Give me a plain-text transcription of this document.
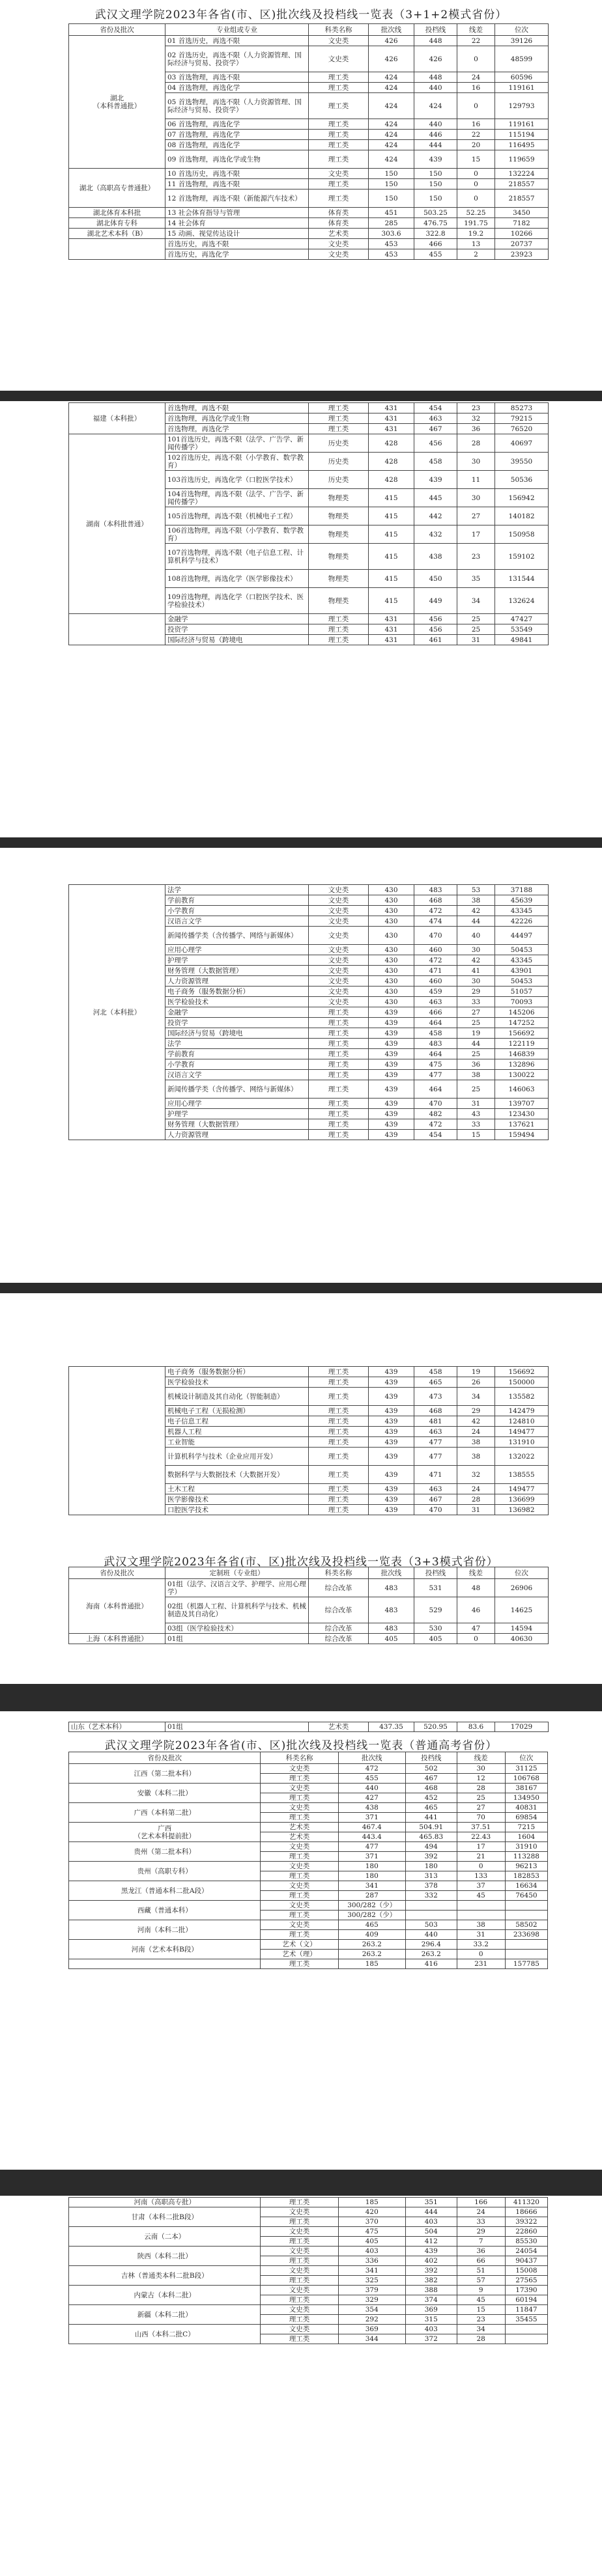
武汉文理学院2023年各省(市、区)批次线及投档线一览表（3+1+2模式省份）
省份及批次	专业组或专业	科类名称	批次线	投档线	线差	位次	
湖北
（本科普通批）	01 首选历史，再选不限	文史类	426	448	22	39126	
	02 首选历史，再选不限（人力资源管理、国际经济与贸易、投资学）	文史类	426	426	0	48599	
	03 首选物理，再选不限	理工类	424	448	24	60596	
	04 首选物理，再选化学	理工类	424	440	16	119161	
	05 首选物理，再选不限（人力资源管理、国际经济与贸易、投资学）	理工类	424	424	0	129793	
	06 首选物理，再选化学	理工类	424	440	16	119161	
	07 首选物理，再选化学	理工类	424	446	22	115194	
	08 首选物理，再选化学	理工类	424	444	20	116495	
	09 首选物理，再选化学或生物	理工类	424	439	15	119659	
湖北（高职高专普通批）	10 首选历史，再选不限	文史类	150	150	0	132224	
	11 首选物理，再选不限	理工类	150	150	0	218557	
	12 首选物理，再选不限（新能源汽车技术）	理工类	150	150	0	218557	
湖北体育本科批	13 社会体育指导与管理	体育类	451	503.25	52.25	3450	
湖北体育专科	14 社会体育	体育类	285	476.75	191.75	7182	
湖北艺术本科（B）	15 动画、视觉传达设计	艺术类	303.6	322.8	19.2	10266	
	首选历史，再选不限	文史类	453	466	13	20737	
	首选历史，再选化学	文史类	453	455	2	23923	
福建（本科批）	首选物理，再选不限	理工类	431	454	23	85273	
	首选物理，再选化学或生物	理工类	431	463	32	79215	
	首选物理，再选化学	理工类	431	467	36	76520	
湖南（本科批普通）	101首选历史，再选不限（法学、广告学、新闻传播学）	历史类	428	456	28	40697	
	102首选历史，再选不限（小学教育、数学教育）	历史类	428	458	30	39550	
	103首选历史，再选化学（口腔医学技术）	历史类	428	439	11	50536	
	104首选物理，再选不限（法学、广告学、新闻传播学）	物理类	415	445	30	156942	
	105首选物理，再选不限（机械电子工程）	物理类	415	442	27	140182	
	106首选物理，再选不限（小学教育、数学教育）	物理类	415	432	17	150958	
	107首选物理，再选不限（电子信息工程、计算机科学与技术）	物理类	415	438	23	159102	
	108首选物理，再选化学（医学影像技术）	物理类	415	450	35	131544	
	109首选物理，再选化学（口腔医学技术、医学检验技术）	物理类	415	449	34	132624	
	金融学	理工类	431	456	25	47427	
	投资学	理工类	431	456	25	53549	
	国际经济与贸易（跨境电	理工类	431	461	31	49841	
河北（本科批）	法学	文史类	430	483	53	37188	
	学前教育	文史类	430	468	38	45639	
	小学教育	文史类	430	472	42	43345	
	汉语言文学	文史类	430	474	44	42226	
	新闻传播学类（含传播学、网络与新媒体）	文史类	430	470	40	44497	
	应用心理学	文史类	430	460	30	50453	
	护理学	文史类	430	472	42	43345	
	财务管理（大数据管理）	文史类	430	471	41	43901	
	人力资源管理	文史类	430	460	30	50453	
	电子商务（服务数据分析）	文史类	430	459	29	51057	
	医学检验技术	文史类	430	463	33	70093	
	金融学	理工类	439	466	27	145206	
	投资学	理工类	439	464	25	147252	
	国际经济与贸易（跨境电	理工类	439	458	19	156692	
	法学	理工类	439	483	44	122119	
	学前教育	理工类	439	464	25	146839	
	小学教育	理工类	439	475	36	132896	
	汉语言文学	理工类	439	477	38	130022	
	新闻传播学类（含传播学、网络与新媒体）	理工类	439	464	25	146063	
	应用心理学	理工类	439	470	31	139707	
	护理学	理工类	439	482	43	123430	
	财务管理（大数据管理）	理工类	439	472	33	137621	
	人力资源管理	理工类	439	454	15	159494	
	电子商务（服务数据分析）	理工类	439	458	19	156692	
	医学检验技术	理工类	439	465	26	150000	
	机械设计制造及其自动化（智能制造）	理工类	439	473	34	135582	
	机械电子工程（无损检测）	理工类	439	468	29	142479	
	电子信息工程	理工类	439	481	42	124810	
	机器人工程	理工类	439	463	24	149477	
	工业智能	理工类	439	477	38	131910	
	计算机科学与技术（企业应用开发）	理工类	439	477	38	132022	
	数据科学与大数据技术（大数据开发）	理工类	439	471	32	138555	
	土木工程	理工类	439	463	24	149477	
	医学影像技术	理工类	439	467	28	136699	
	口腔医学技术	理工类	439	470	31	136982	
武汉文理学院2023年各省(市、区)批次线及投档线一览表（3+3模式省份）
省份及批次	定制班（专业组）	科类名称	批次线	投档线	线差	位次	
海南（本科普通批）	01组（法学、汉语言文学、护理学、应用心理学）	综合改革	483	531	48	26906	
	02组（机器人工程、计算机科学与技术、机械制造及其自动化）	综合改革	483	529	46	14625	
	03组（医学检验技术）	综合改革	483	530	47	14594	
上海（本科普通批）	01组	综合改革	405	405	0	40630	
山东（艺术本科）	01组	艺术类	437.35	520.95	83.6	17029
武汉文理学院2023年各省(市、区)批次线及投档线一览表（普通高考省份）
省份及批次	科类名称	批次线	投档线	线差	位次
江西（第二批本科）	文史类	472	502	30	31125
	理工类	455	467	12	106768
安徽（本科二批）	文史类	440	468	28	38167
	理工类	427	452	25	134950
广西（本科第二批）	文史类	438	465	27	40831
	理工类	371	441	70	69854
广西
（艺术本科提前批）	艺术类	467.4	504.91	37.51	7215
	艺术类	443.4	465.83	22.43	1604
贵州（第二批本科）	文史类	477	494	17	31910
	理工类	371	392	21	113288
贵州（高职专科）	文史类	180	180	0	96213
	理工类	180	313	133	182853
黑龙江（普通本科二批A段）	文史类	341	378	37	16634
	理工类	287	332	45	76450
西藏（普通本科）	文史类	300/282（少）			
	理工类	300/282（少）			
河南（本科二批）	文史类	465	503	38	58502
	理工类	409	440	31	233698
河南（艺术本科B段）	艺术（文）	263.2	296.4	33.2	
	艺术（理）	263.2	263.2	0	
	理工类	185	416	231	157785
河南（高职高专批）	理工类	185	351	166	411320
甘肃（本科二批B段）	文史类	420	444	24	18666
	理工类	370	403	33	39322
云南（二本）	文史类	475	504	29	22860
	理工类	405	412	7	85530
陕西（本科二批）	文史类	403	439	36	24054
	理工类	336	402	66	90437
吉林（普通类本科二批B段）	文史类	341	392	51	15008
	理工类	325	382	57	27565
内蒙古（本科二批）	文史类	379	388	9	17390
	理工类	329	374	45	60194
新疆（本科二批）	文史类	354	369	15	11847
	理工类	292	315	23	35455
山西（本科二批C）	文史类	369	403	34	
	理工类	344	372	28	
